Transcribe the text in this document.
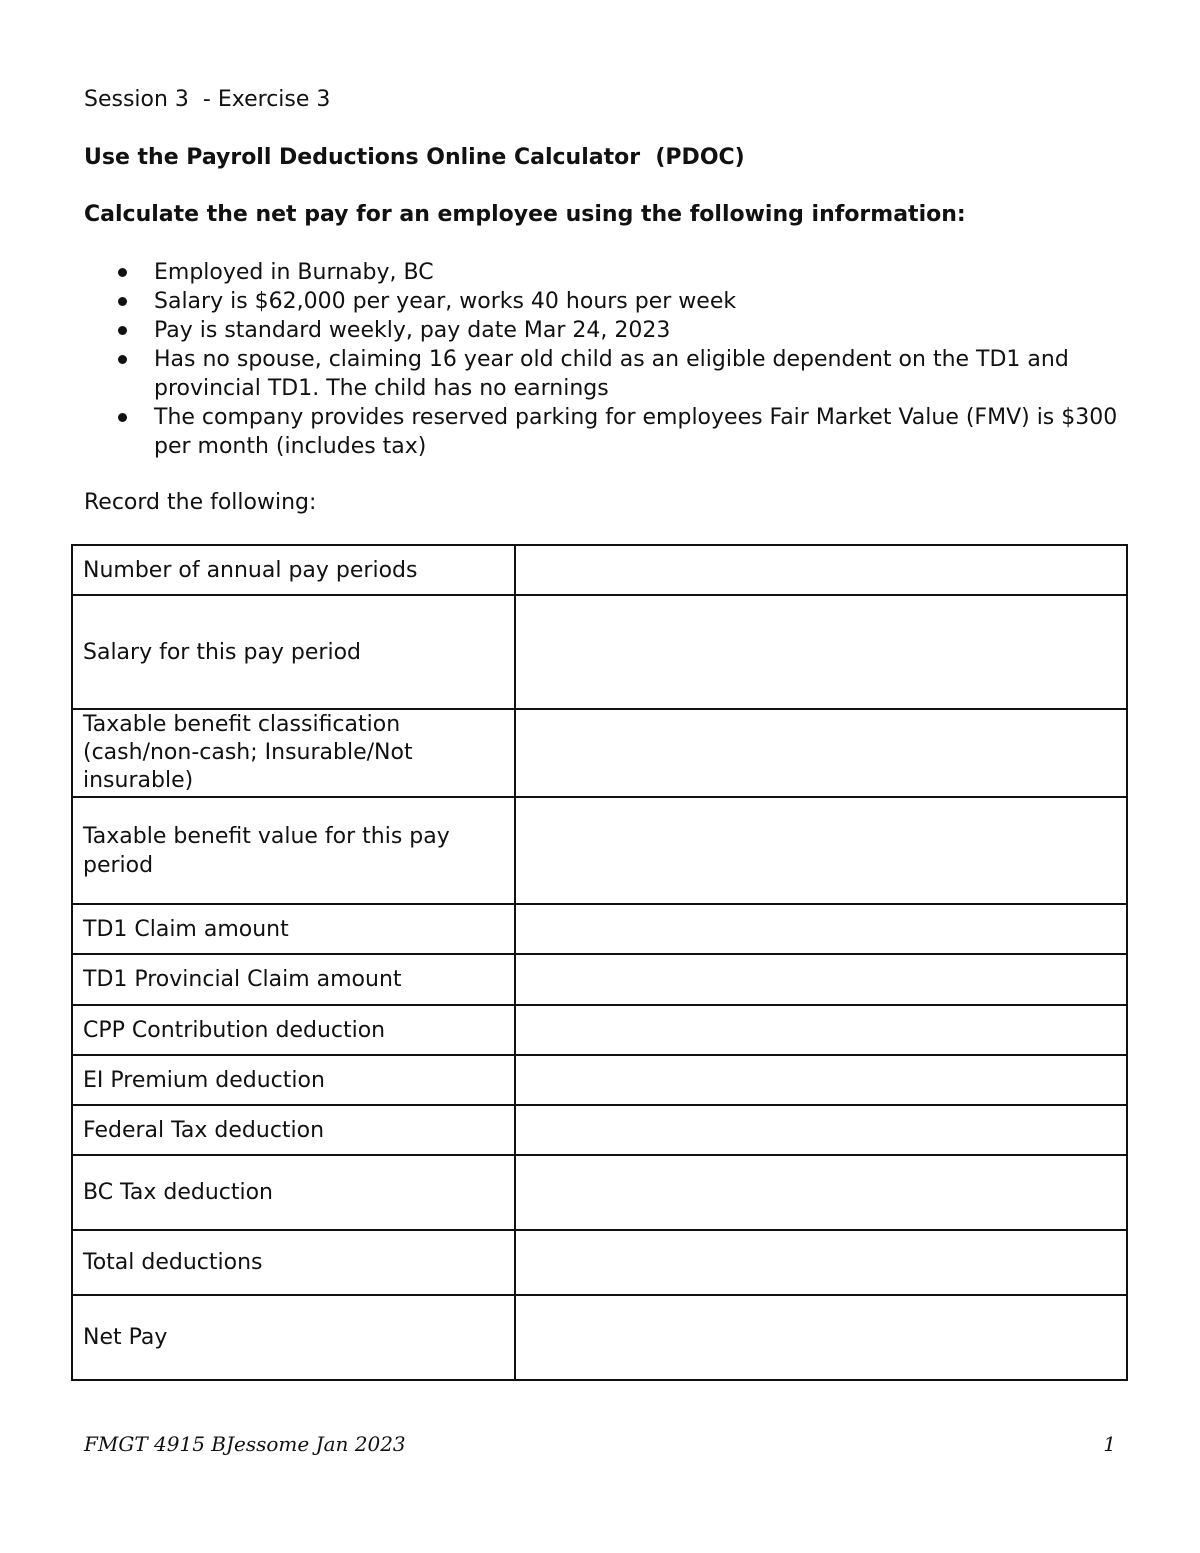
Session 3  - Exercise 3
Use the Payroll Deductions Online Calculator  (PDOC)
Calculate the net pay for an employee using the following information:
Employed in Burnaby, BC
Salary is $62,000 per year, works 40 hours per week
Pay is standard weekly, pay date Mar 24, 2023
Has no spouse, claiming 16 year old child as an eligible dependent on the TD1 and provincial TD1. The child has no earnings
The company provides reserved parking for employees Fair Market Value (FMV) is $300 per month (includes tax)
Record the following:
Number of annual pay periods	
Salary for this pay period	
Taxable benefit classification (cash/non-cash; Insurable/Not insurable)	
Taxable benefit value for this pay period	
TD1 Claim amount	
TD1 Provincial Claim amount	
CPP Contribution deduction	
EI Premium deduction	
Federal Tax deduction	
BC Tax deduction	
Total deductions	
Net Pay	
FMGT 4915 BJessome Jan 2023	1
